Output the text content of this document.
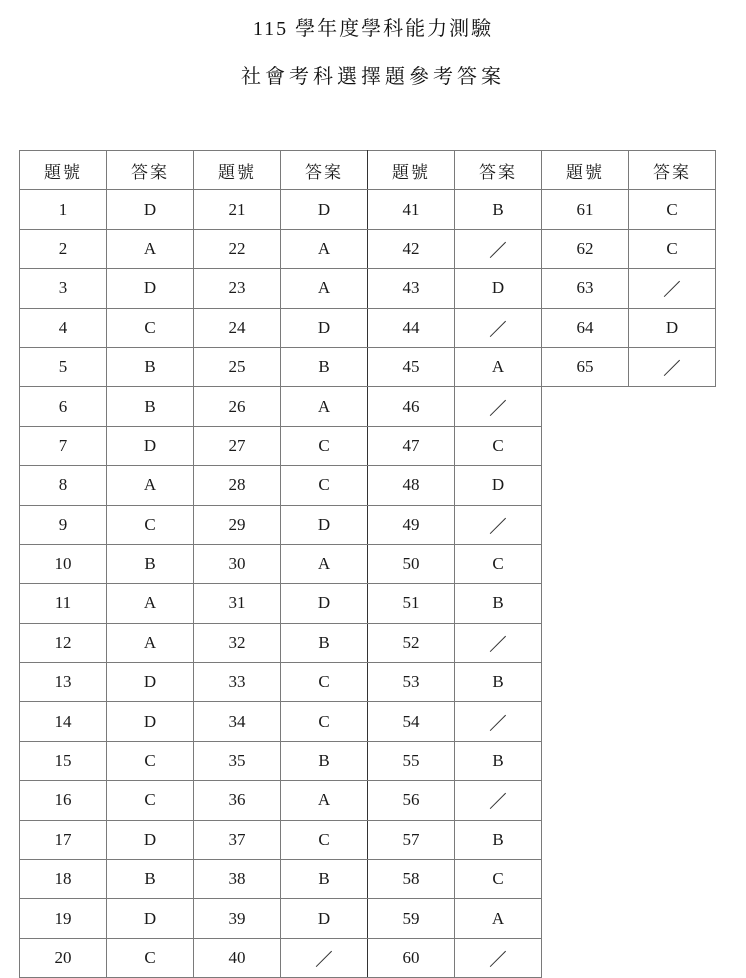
115 學年度學科能力測驗
社會考科選擇題參考答案
題號	答案	題號	答案	題號	答案	題號	答案
1	D	21	D	41	B	61	C
2	A	22	A	42		62	C
3	D	23	A	43	D	63	
4	C	24	D	44		64	D
5	B	25	B	45	A	65	
6	B	26	A	46			
7	D	27	C	47	C		
8	A	28	C	48	D		
9	C	29	D	49			
10	B	30	A	50	C		
11	A	31	D	51	B		
12	A	32	B	52			
13	D	33	C	53	B		
14	D	34	C	54			
15	C	35	B	55	B		
16	C	36	A	56			
17	D	37	C	57	B		
18	B	38	B	58	C		
19	D	39	D	59	A		
20	C	40		60			
